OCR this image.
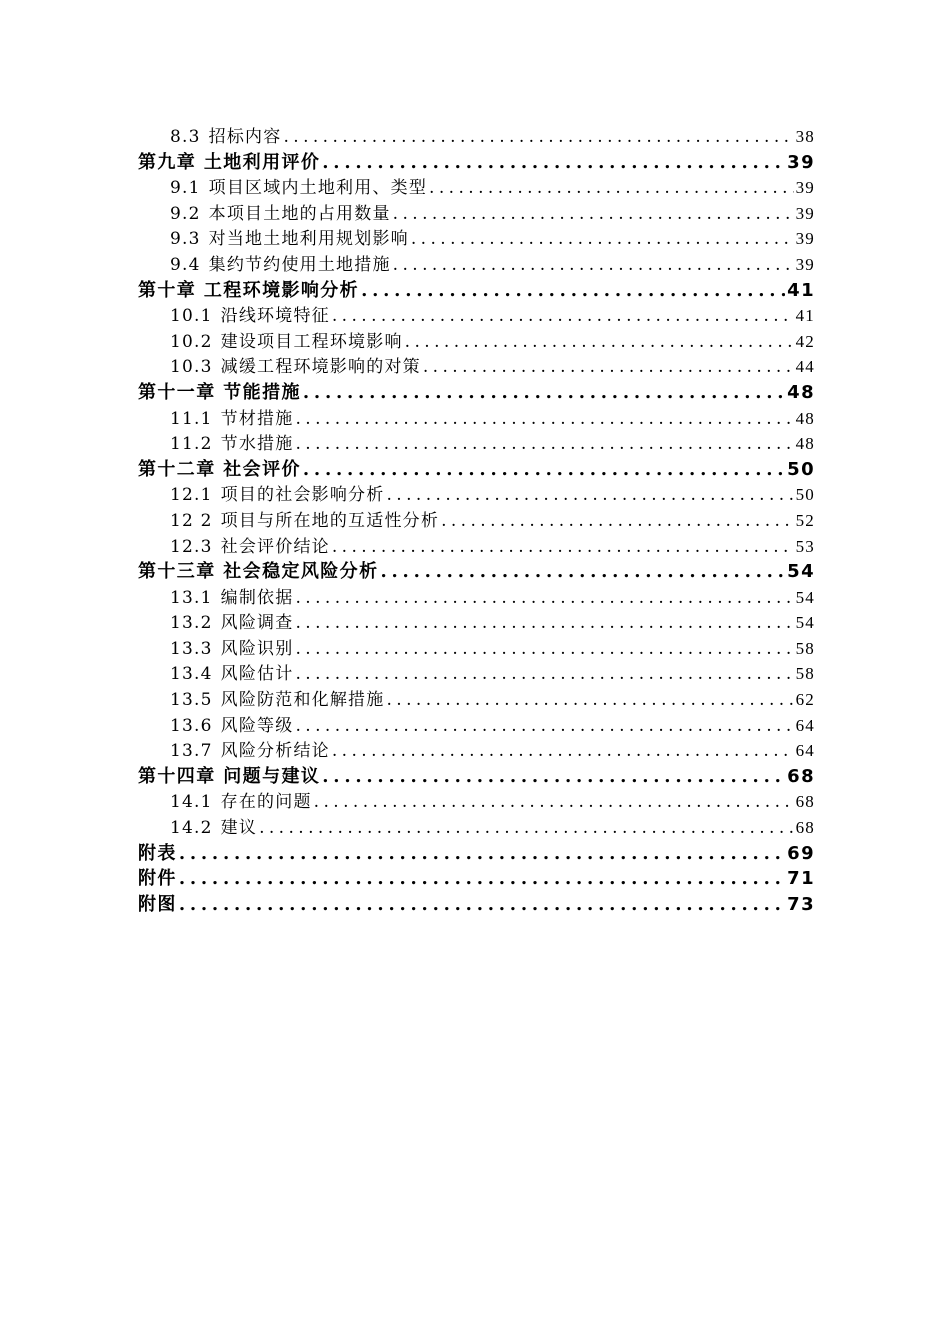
8.3 招标内容 . . .	38
第九章 土地利用评价 . . .	39
9.1 项目区域内土地利用、类型 . . .	39
9.2 本项目土地的占用数量 . . .	39
9.3 对当地土地利用规划影响 . . .	39
9.4 集约节约使用土地措施 . . .	39
第十章 工程环境影响分析 . . .	41
10.1 沿线环境特征 . . .	41
10.2 建设项目工程环境影响 . . .	42
10.3 减缓工程环境影响的对策 . . .	44
第十一章 节能措施 . . .	48
11.1 节材措施 . . .	48
11.2 节水措施 . . .	48
第十二章 社会评价 . . .	50
12.1 项目的社会影响分析 . . .	50
12 2 项目与所在地的互适性分析 . . .	52
12.3 社会评价结论 . . .	53
第十三章 社会稳定风险分析 . . .	54
13.1 编制依据 . . .	54
13.2 风险调查 . . .	54
13.3 风险识别 . . .	58
13.4 风险估计 . . .	58
13.5 风险防范和化解措施 . . .	62
13.6 风险等级 . . .	64
13.7 风险分析结论 . . .	64
第十四章 问题与建议 . . .	68
14.1 存在的问题 . . .	68
14.2 建议 . . .	68
附表 . . .	69
附件 . . .	71
附图 . . .	73
